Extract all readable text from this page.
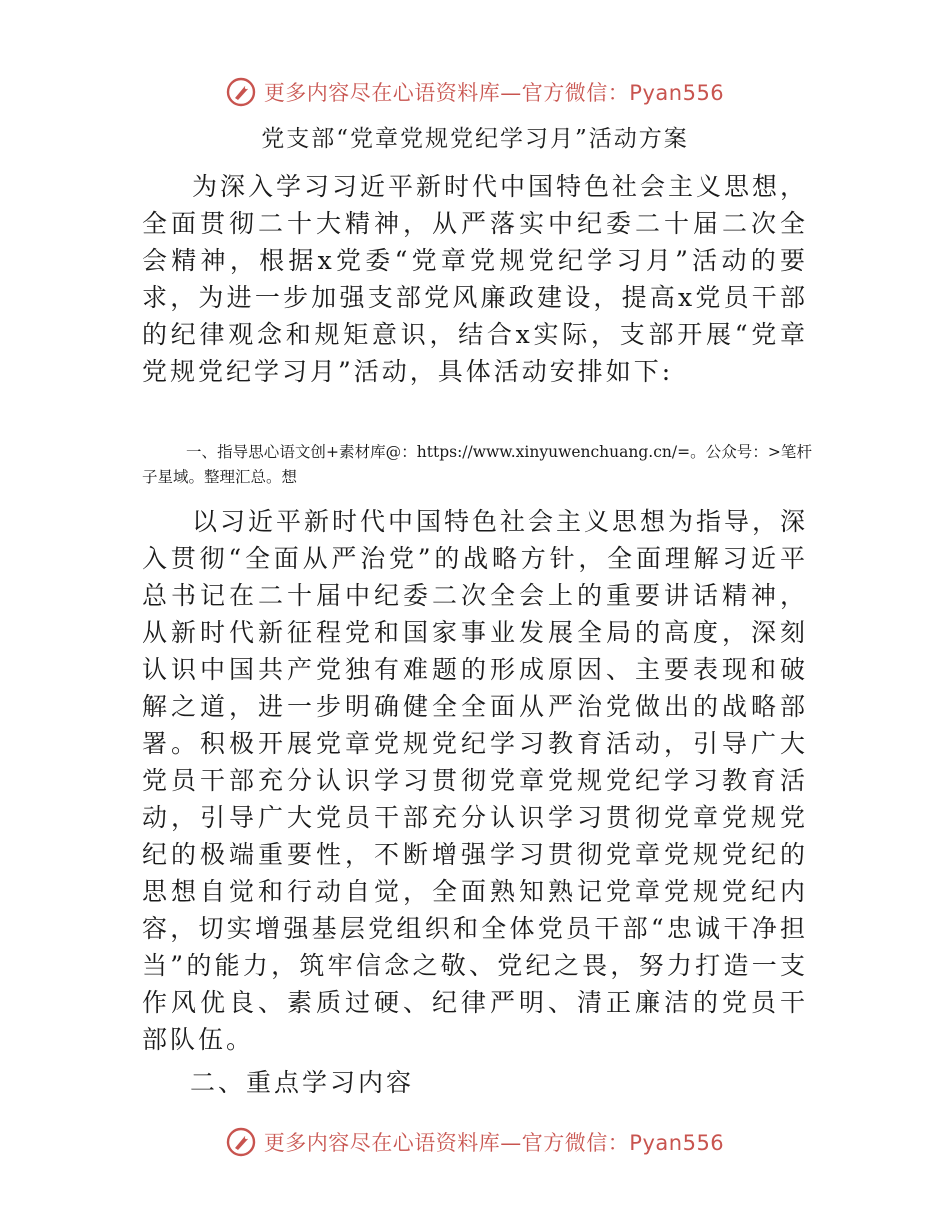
更多内容尽在心语资料库—官方微信：Pyan556
党支部“党章党规党纪学习月”活动方案

为深入学习习近平新时代中国特色社会主义思想，全面贯彻二十大精神，从严落实中纪委二十届二次全会精神，根据x党委“党章党规党纪学习月”活动的要求，为进一步加强支部党风廉政建设，提高x党员干部的纪律观念和规矩意识，结合x实际，支部开展“党章党规党纪学习月”活动，具体活动安排如下:

一、指导思心语文创+素材库@：https://www.xinyuwenchuang.cn/=。公众号：>笔杆子星域。整理汇总。想

以习近平新时代中国特色社会主义思想为指导，深入贯彻“全面从严治党”的战略方针，全面理解习近平总书记在二十届中纪委二次全会上的重要讲话精神，从新时代新征程党和国家事业发展全局的高度，深刻认识中国共产党独有难题的形成原因、主要表现和破解之道，进一步明确健全全面从严治党做出的战略部署。积极开展党章党规党纪学习教育活动，引导广大党员干部充分认识学习贯彻党章党规党纪学习教育活动，引导广大党员干部充分认识学习贯彻党章党规党纪的极端重要性，不断增强学习贯彻党章党规党纪的思想自觉和行动自觉，全面熟知熟记党章党规党纪内容，切实增强基层党组织和全体党员干部“忠诚干净担当”的能力，筑牢信念之敬、党纪之畏，努力打造一支作风优良、素质过硬、纪律严明、清正廉洁的党员干部队伍。

二、重点学习内容

更多内容尽在心语资料库—官方微信：Pyan556
